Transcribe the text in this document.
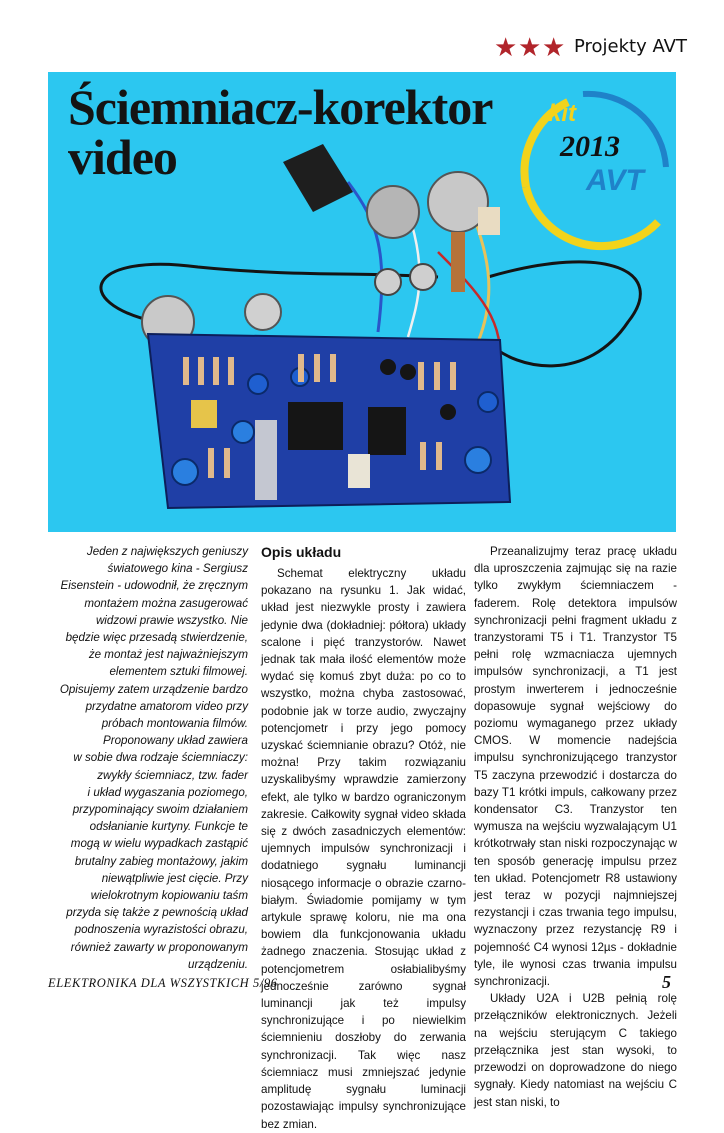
★ ★ ★ Projekty AVT
Ściemniacz-korektor
video
kit
2013
AVT
Jeden z największych geniuszy
światowego kina - Sergiusz
Eisenstein - udowodnił, że zręcznym
montażem można zasugerować
widzowi prawie wszystko. Nie
będzie więc przesadą stwierdzenie,
że montaż jest najważniejszym
elementem sztuki filmowej.
Opisujemy zatem urządzenie bardzo
przydatne amatorom video przy
próbach montowania filmów.
Proponowany układ zawiera
w sobie dwa rodzaje ściemniaczy:
zwykły ściemniacz, tzw. fader
i układ wygaszania poziomego,
przypominający swoim działaniem
odsłanianie kurtyny. Funkcje te
mogą w wielu wypadkach zastąpić
brutalny zabieg montażowy, jakim
niewątpliwie jest cięcie. Przy
wielokrotnym kopiowaniu taśm
przyda się także z pewnością układ
podnoszenia wyrazistości obrazu,
również zawarty w proponowanym
urządzeniu.
Opis układu

Schemat elektryczny układu pokazano na rysunku 1. Jak widać, układ jest niezwykle prosty i zawiera jedynie dwa (dokładniej: półtora) układy scalone i pięć tranzystorów. Nawet jednak tak mała ilość elementów może wydać się komuś zbyt duża: po co to wszystko, można chyba zastosować, podobnie jak w torze audio, zwyczajny potencjometr i przy jego pomocy uzyskać ściemnianie obrazu? Otóż, nie można! Przy takim rozwiązaniu uzyskalibyśmy wprawdzie zamierzony efekt, ale tylko w bardzo ograniczonym zakresie. Całkowity sygnał video składa się z dwóch zasadniczych elementów: ujemnych impulsów synchronizacji i dodatniego sygnału luminancji niosącego informacje o obrazie czarno-białym. Świadomie pomijamy w tym artykule sprawę koloru, nie ma ona bowiem dla funkcjonowania układu żadnego znaczenia. Stosując układ z potencjometrem osłabialibyśmy jednocześnie zarówno sygnał luminancji jak też impulsy synchronizujące i po niewielkim ściemnieniu doszłoby do zerwania synchronizacji. Tak więc nasz ściemniacz musi zmniejszać jedynie amplitudę sygnału luminacji pozostawiając impulsy synchronizujące bez zmian.

Przeanalizujmy teraz pracę układu dla uproszczenia zajmując się na razie tylko zwykłym ściemniaczem - faderem. Rolę detektora impulsów synchronizacji pełni fragment układu z tranzystorami T5 i T1. Tranzystor T5 pełni rolę wzmacniacza ujemnych impulsów synchronizacji, a T1 jest prostym inwerterem i jednocześnie dopasowuje sygnał wejściowy do poziomu wymaganego przez układy CMOS. W momencie nadejścia impulsu synchronizującego tranzystor T5 zaczyna przewodzić i dostarcza do bazy T1 krótki impuls, całkowany przez kondensator C3. Tranzystor ten wymusza na wejściu wyzwalającym U1 krótkotrwały stan niski rozpoczynając w ten sposób generację impulsu przez ten układ. Potencjometr R8 ustawiony jest teraz w pozycji najmniejszej rezystancji i czas trwania tego impulsu, wyznaczony przez rezystancję R9 i pojemność C4 wynosi 12µs - dokładnie tyle, ile wynosi czas trwania impulsu synchronizacji.

Układy U2A i U2B pełnią rolę przełączników elektronicznych. Jeżeli na wejściu sterującym C takiego przełącznika jest stan wysoki, to przewodzi on doprowadzone do niego sygnały. Kiedy natomiast na wejściu C jest stan niski, to

ELEKTRONIKA DLA WSZYSTKICH 5/96	5
